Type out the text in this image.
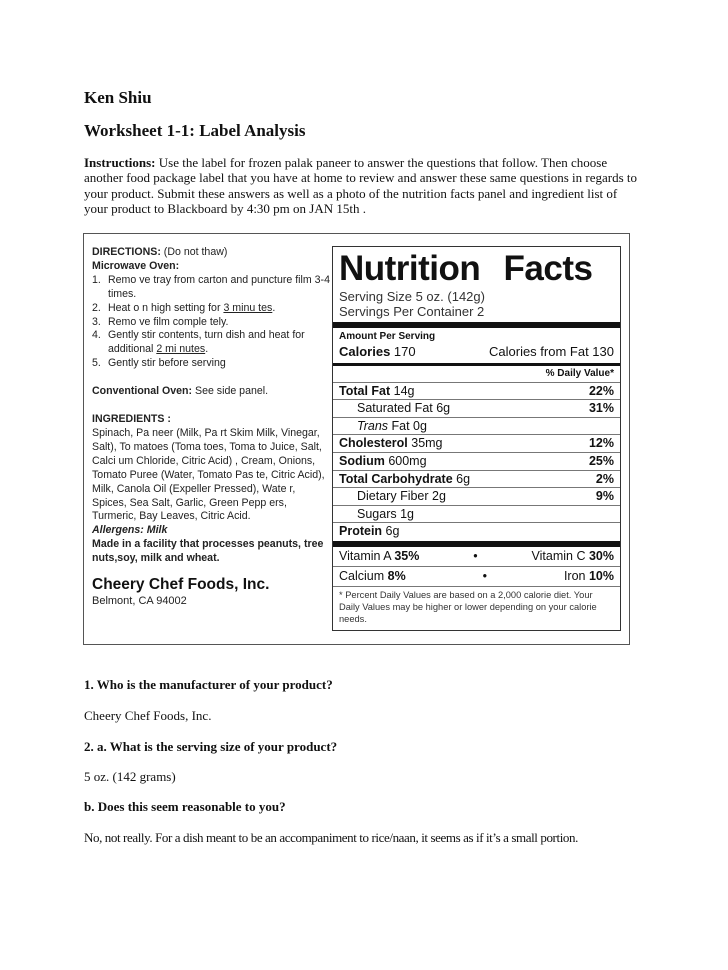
Ken Shiu
Worksheet 1-1: Label Analysis
Instructions: Use the label for frozen palak paneer to answer the questions that follow. Then choose another food package label that you have at home to review and answer these same questions in regards to your product. Submit these answers as well as a photo of the nutrition facts panel and ingredient list of your product to Blackboard by 4:30 pm on JAN 15th .
DIRECTIONS: (Do not thaw)
Microwave Oven:
1. Remo ve tray from carton and puncture film 3-4 times.
2. Heat o n high setting for 3 minu tes.
3. Remo ve film comple tely.
4. Gently stir contents, turn dish and heat for additional 2 mi nutes.
5. Gently stir before serving
Conventional Oven: See side panel.
INGREDIENTS :
Spinach, Pa neer (Milk, Pa rt Skim Milk, Vinegar, Salt), To matoes (Toma toes, Toma to Juice, Salt, Calci um Chloride, Citric Acid) , Cream, Onions, Tomato Puree (Water, Tomato Pas te, Citric Acid), Milk, Canola Oil (Expeller Pressed), Wate r, Spices, Sea Salt, Garlic, Green Pepp ers, Turmeric, Bay Leaves, Citric Acid.
Allergens: Milk
Made in a facility that processes peanuts, tree nuts,soy, milk and wheat.
Cheery Chef Foods, Inc.
Belmont, CA 94002
Nutrition Facts
Serving Size 5 oz. (142g)
Servings Per Container 2
Amount Per Serving
Calories 170	Calories from Fat 130
% Daily Value*
Total Fat 14g	22%
Saturated Fat 6g	31%
Trans Fat 0g
Cholesterol 35mg	12%
Sodium 600mg	25%
Total Carbohydrate 6g	2%
Dietary Fiber 2g	9%
Sugars 1g
Protein 6g
Vitamin A 35%	•	Vitamin C 30%
Calcium 8%	•	Iron 10%
* Percent Daily Values are based on a 2,000 calorie diet. Your Daily Values may be higher or lower depending on your calorie needs.
1. Who is the manufacturer of your product?
Cheery Chef Foods, Inc.
2. a. What is the serving size of your product?
5 oz. (142 grams)
b. Does this seem reasonable to you?
No, not really. For a dish meant to be an accompaniment to rice/naan, it seems as if it’s a small portion.
